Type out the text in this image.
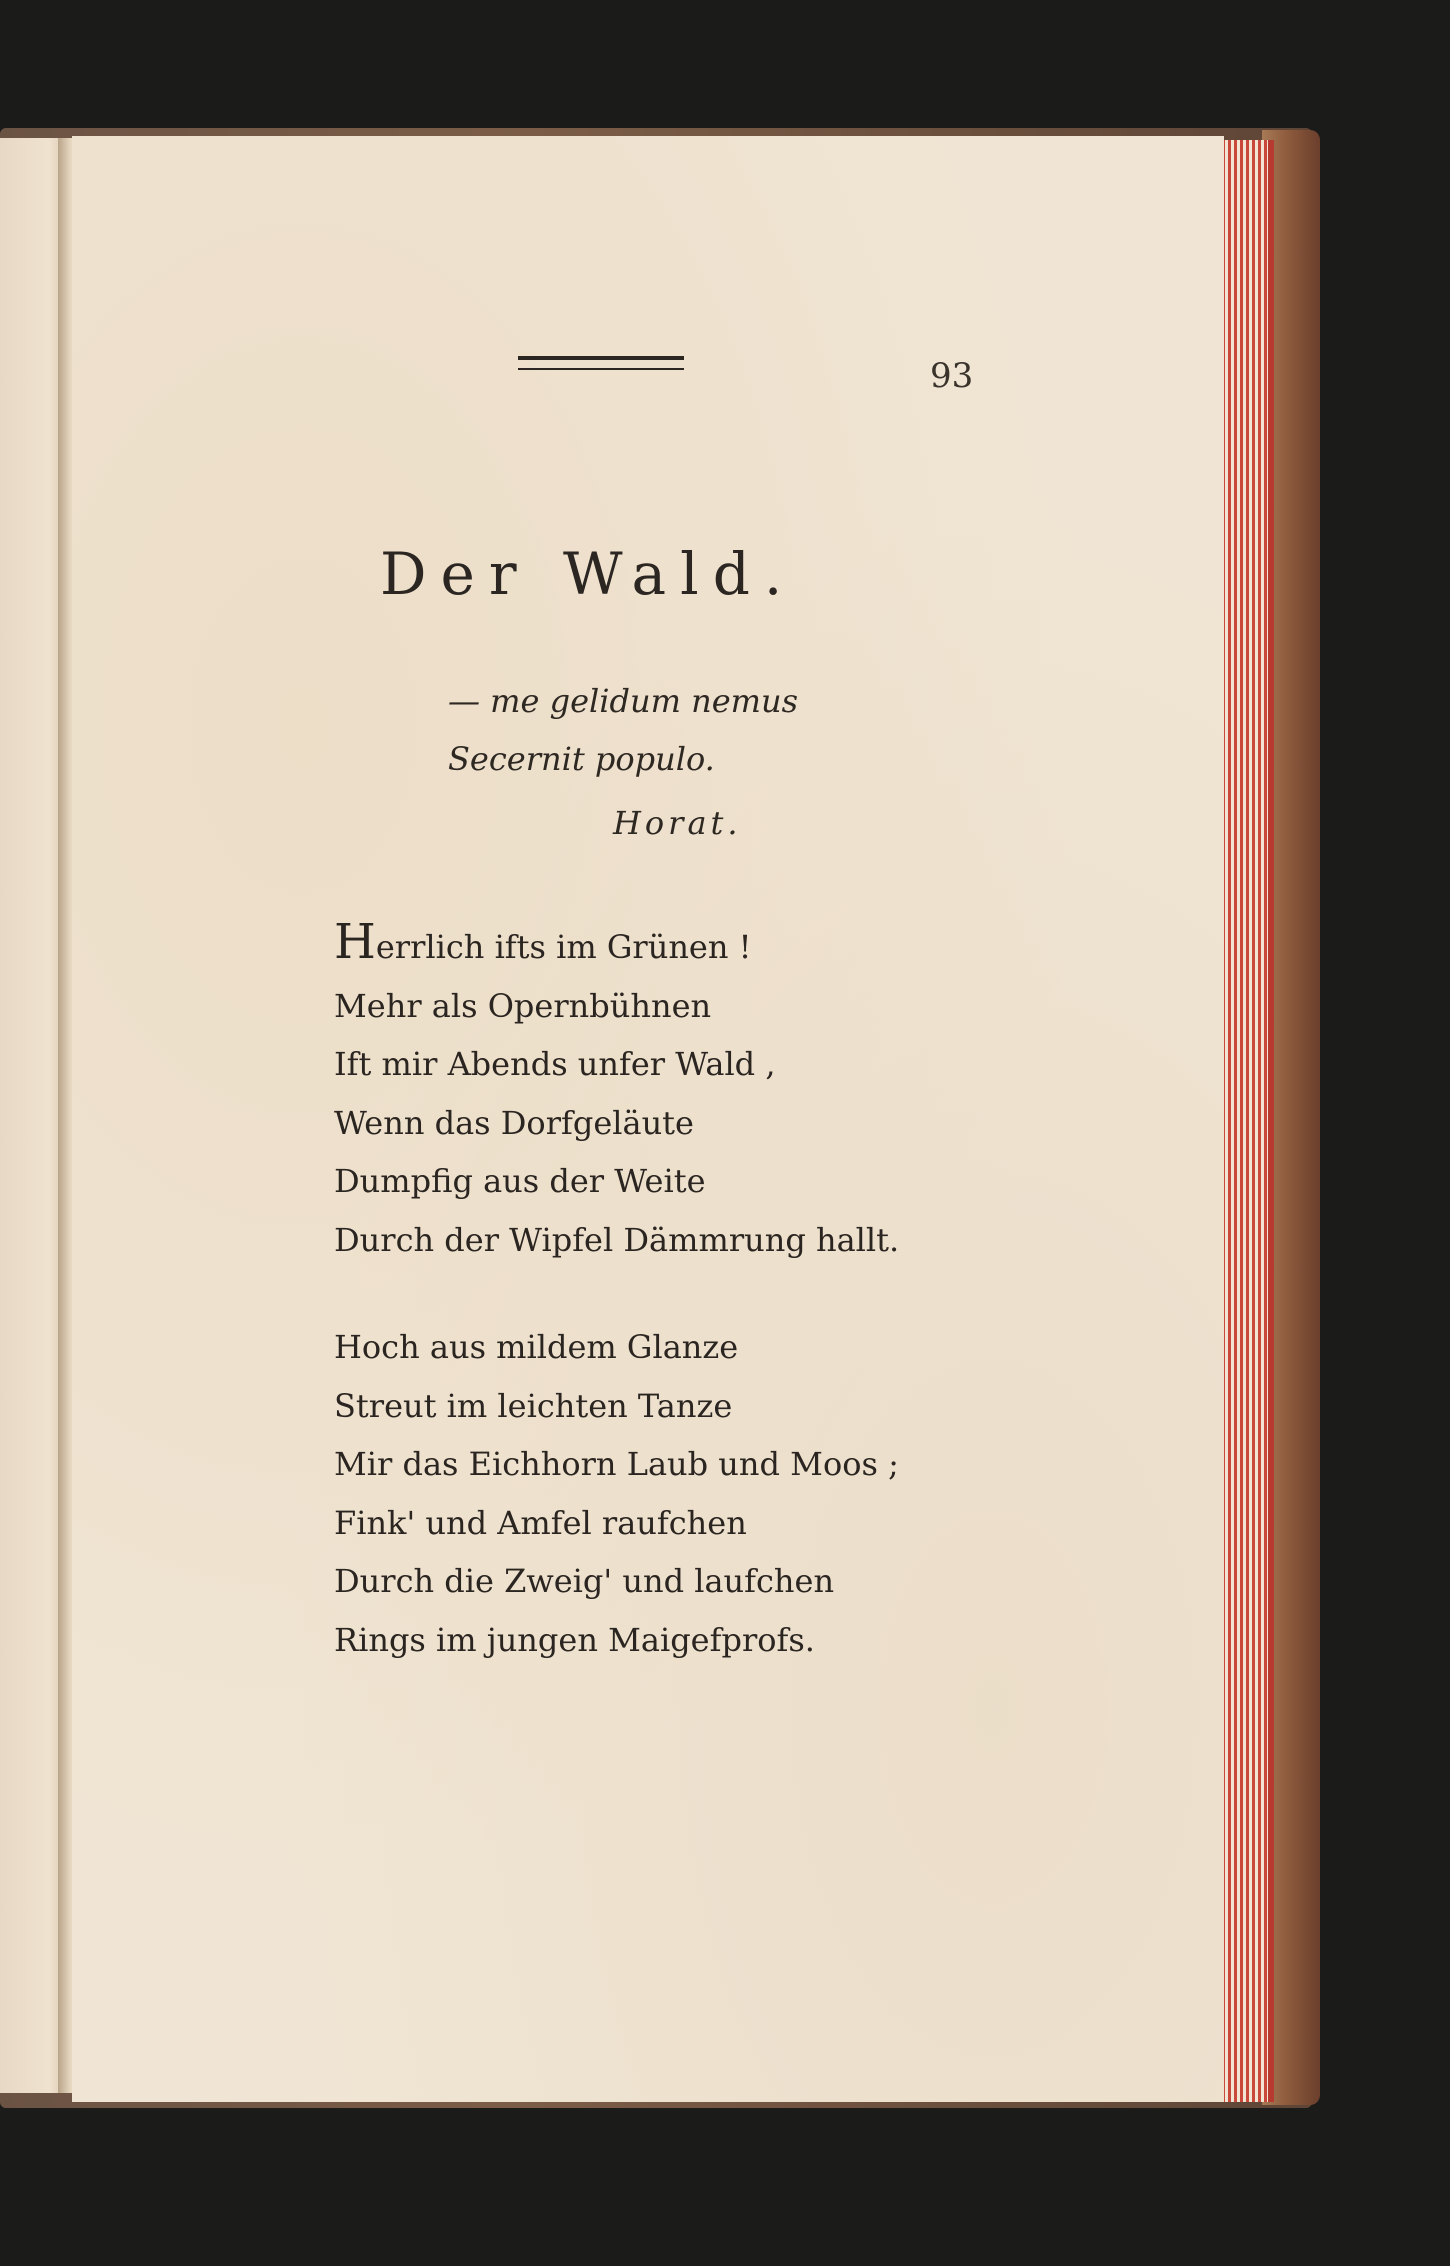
93
Der Wald.
— me gelidum nemus
Secernit populo.
Horat.
Herrlich ifts im Grünen !
Mehr als Opernbühnen
Ift mir Abends unfer Wald ,
Wenn das Dorfgeläute
Dumpfig aus der Weite
Durch der Wipfel Dämmrung hallt.
Hoch aus mildem Glanze
Streut im leichten Tanze
Mir das Eichhorn Laub und Moos ;
Fink' und Amfel raufchen
Durch die Zweig' und laufchen
Rings im jungen Maigefprofs.
